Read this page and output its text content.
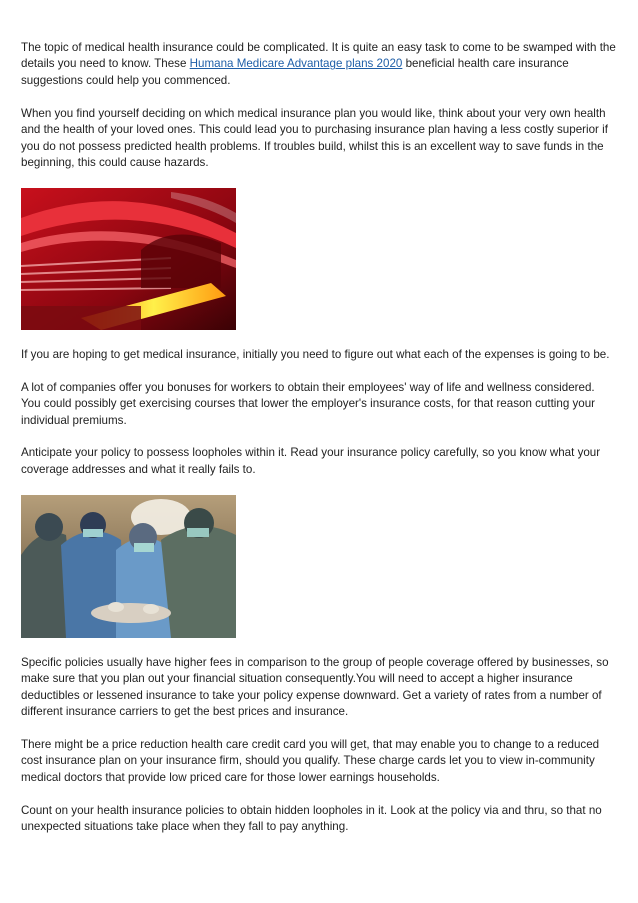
The topic of medical health insurance could be complicated. It is quite an easy task to come to be swamped with the details you need to know. These Humana Medicare Advantage plans 2020 beneficial health care insurance suggestions could help you commenced.

When you find yourself deciding on which medical insurance plan you would like, think about your very own health and the health of your loved ones. This could lead you to purchasing insurance plan having a less costly superior if you do not possess predicted health problems. If troubles build, whilst this is an excellent way to save funds in the beginning, this could cause hazards.

If you are hoping to get medical insurance, initially you need to figure out what each of the expenses is going to be.

A lot of companies offer you bonuses for workers to obtain their employees' way of life and wellness considered. You could possibly get exercising courses that lower the employer's insurance costs, for that reason cutting your individual premiums.

Anticipate your policy to possess loopholes within it. Read your insurance policy carefully, so you know what your coverage addresses and what it really fails to.

Specific policies usually have higher fees in comparison to the group of people coverage offered by businesses, so make sure that you plan out your financial situation consequently.You will need to accept a higher insurance deductibles or lessened insurance to take your policy expense downward. Get a variety of rates from a number of different insurance carriers to get the best prices and insurance.

There might be a price reduction health care credit card you will get, that may enable you to change to a reduced cost insurance plan on your insurance firm, should you qualify. These charge cards let you to view in-community medical doctors that provide low priced care for those lower earnings households.

Count on your health insurance policies to obtain hidden loopholes in it. Look at the policy via and thru, so that no unexpected situations take place when they fall to pay anything.
